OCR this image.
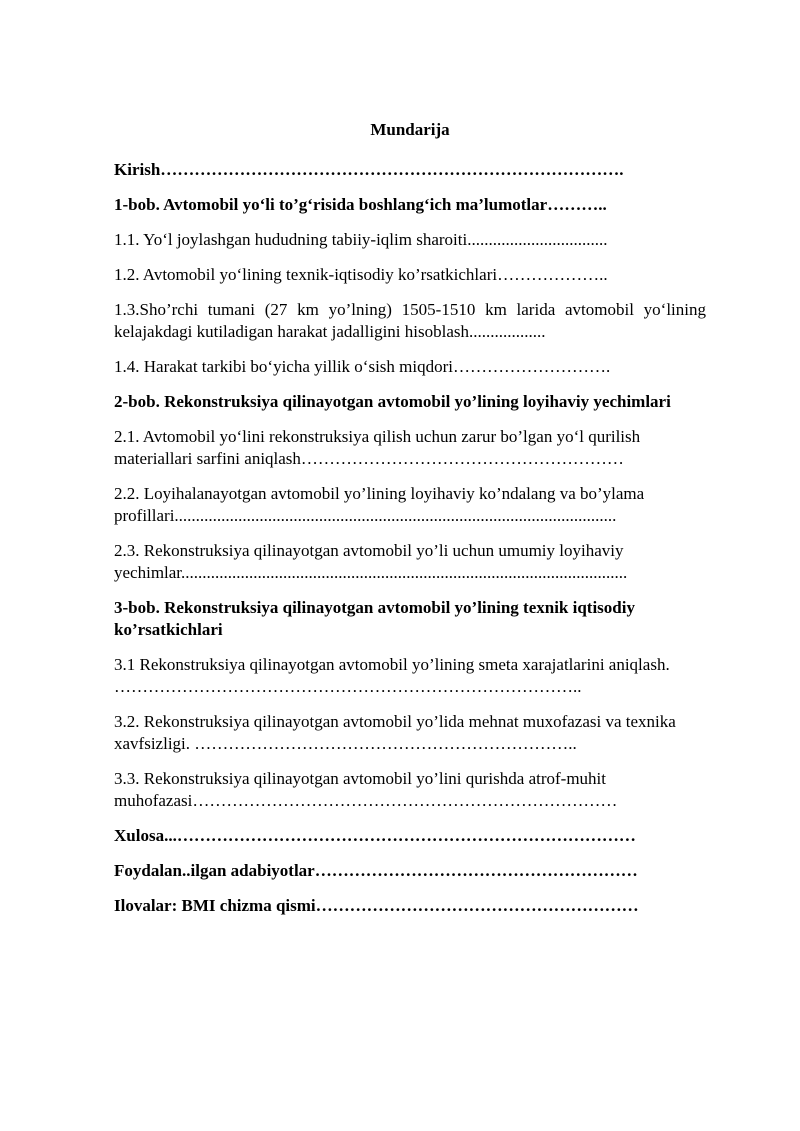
Mundarija
Kirish……………………………………………………………………….
1-bob. Avtomobil yo‘li to’g‘risida boshlang‘ich ma’lumotlar………..
1.1. Yo‘l joylashgan hududning tabiiy-iqlim sharoiti.................................
1.2. Avtomobil yo‘lining texnik-iqtisodiy ko’rsatkichlari………………..
1.3.Sho’rchi tumani (27 km yo’lning) 1505-1510 km larida avtomobil yo‘lining kelajakdagi kutiladigan harakat jadalligini hisoblash..................
1.4. Harakat tarkibi bo‘yicha yillik o‘sish miqdori……………………….
2-bob. Rekonstruksiya qilinayotgan avtomobil yo’lining loyihaviy yechimlari
2.1. Avtomobil yo‘lini rekonstruksiya qilish uchun zarur bo’lgan yo‘l qurilish materiallari sarfini aniqlash…………………………………………………
2.2. Loyihalanayotgan avtomobil yo’lining loyihaviy ko’ndalang va bo’ylama profillari........................................................................................................
2.3. Rekonstruksiya qilinayotgan avtomobil yo’li uchun umumiy loyihaviy yechimlar.........................................................................................................
3-bob. Rekonstruksiya qilinayotgan avtomobil yo’lining texnik iqtisodiy ko’rsatkichlari
3.1 Rekonstruksiya qilinayotgan avtomobil yo’lining smeta xarajatlarini aniqlash. ………………………………………………………………………..
3.2. Rekonstruksiya qilinayotgan avtomobil yo’lida mehnat muxofazasi va texnika xavfsizligi. …………………………………………………………..
3.3. Rekonstruksiya qilinayotgan avtomobil yo’lini qurishda atrof-muhit muhofazasi…………………………………………………………………
Xulosa...………………………………………………………………………
Foydalan..ilgan adabiyotlar…………………………………………………
Ilovalar: BMI chizma qismi…………………………………………………
